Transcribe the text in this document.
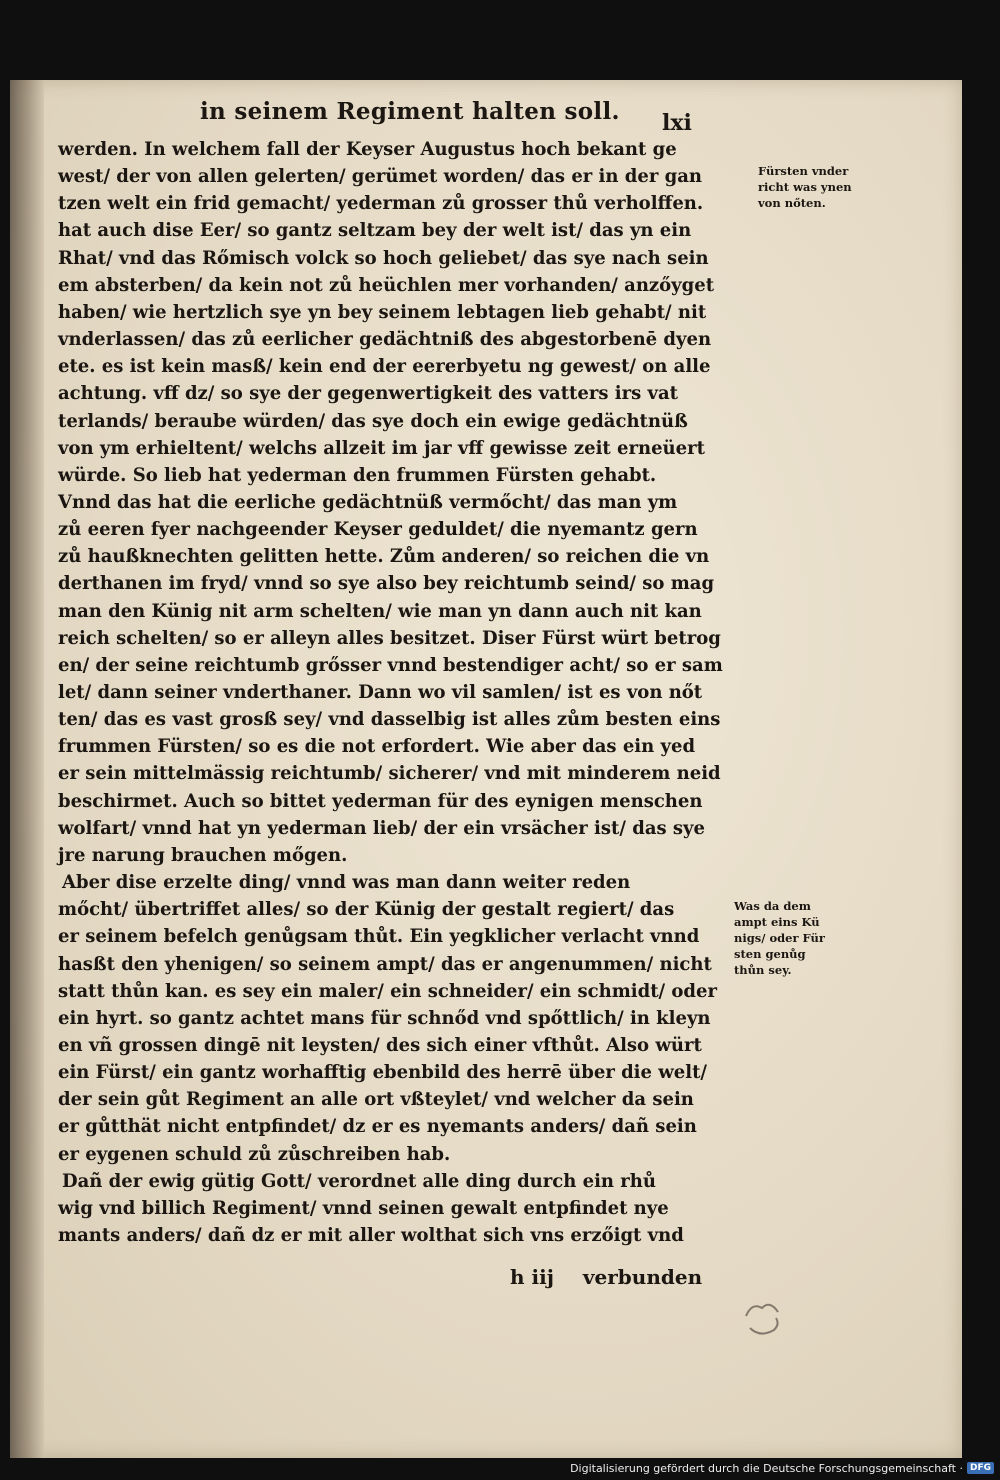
in seinem Regiment halten soll.	lxi
werden. In welchem fall der Keyser Augustus hoch bekant ge
west/ der von allen gelerten/ gerümet worden/ das er in der gan
tzen welt ein frid gemacht/ yederman zů grosser thů verholffen.
hat auch dise Eer/ so gantz seltzam bey der welt ist/ das yn ein
Rhat/ vnd das Rőmisch volck so hoch geliebet/ das sye nach sein
em absterben/ da kein not zů heüchlen mer vorhanden/ anzőyget
haben/ wie hertzlich sye yn bey seinem lebtagen lieb gehabt/ nit
vnderlassen/ das zů eerlicher gedächtniß des abgestorbenē dyen
ete. es ist kein masß/ kein end der eererbyetu ng gewest/ on alle
achtung. vff dz/ so sye der gegenwertigkeit des vatters irs vat
terlands/ beraube würden/ das sye doch ein ewige gedächtnüß
von ym erhieltent/ welchs allzeit im jar vff gewisse zeit erneüert
würde. So lieb hat yederman den frummen Fürsten gehabt.
Vnnd das hat die eerliche gedächtnüß vermőcht/ das man ym
zů eeren fyer nachgeender Keyser geduldet/ die nyemantz gern
zů haußknechten gelitten hette. Zům anderen/ so reichen die vn
derthanen im fryd/ vnnd so sye also bey reichtumb seind/ so mag
man den Künig nit arm schelten/ wie man yn dann auch nit kan
reich schelten/ so er alleyn alles besitzet. Diser Fürst würt betrog
en/ der seine reichtumb grősser vnnd bestendiger acht/ so er sam
let/ dann seiner vnderthaner. Dann wo vil samlen/ ist es von nőt
ten/ das es vast grosß sey/ vnd dasselbig ist alles zům besten eins
frummen Fürsten/ so es die not erfordert. Wie aber das ein yed
er sein mittelmässig reichtumb/ sicherer/ vnd mit minderem neid
beschirmet. Auch so bittet yederman für des eynigen menschen
wolfart/ vnnd hat yn yederman lieb/ der ein vrsächer ist/ das sye
jre narung brauchen mőgen.
Aber dise erzelte ding/ vnnd was man dann weiter reden
mőcht/ übertriffet alles/ so der Künig der gestalt regiert/ das
er seinem befelch genůgsam thůt. Ein yegklicher verlacht vnnd
hasßt den yhenigen/ so seinem ampt/ das er angenummen/ nicht
statt thůn kan. es sey ein maler/ ein schneider/ ein schmidt/ oder
ein hyrt. so gantz achtet mans für schnőd vnd spőttlich/ in kleyn
en vñ grossen dingē nit leysten/ des sich einer vfthůt. Also würt
ein Fürst/ ein gantz worhafftig ebenbild des herrē über die welt/
der sein gůt Regiment an alle ort vßteylet/ vnd welcher da sein
er gůtthät nicht entpfindet/ dz er es nyemants anders/ dañ sein
er eygenen schuld zů zůschreiben hab.
Dañ der ewig gütig Gott/ verordnet alle ding durch ein rhů
wig vnd billich Regiment/ vnnd seinen gewalt entpfindet nye
mants anders/ dañ dz er mit aller wolthat sich vns erzőigt vnd
Fürsten vnder
richt was ynen
von nőten.
Was da dem
ampt eins Kü
nigs/ oder Für
sten genůg
thůn sey.
h iij verbunden
Digitalisierung gefördert durch die Deutsche Forschungsgemeinschaft · DFG
